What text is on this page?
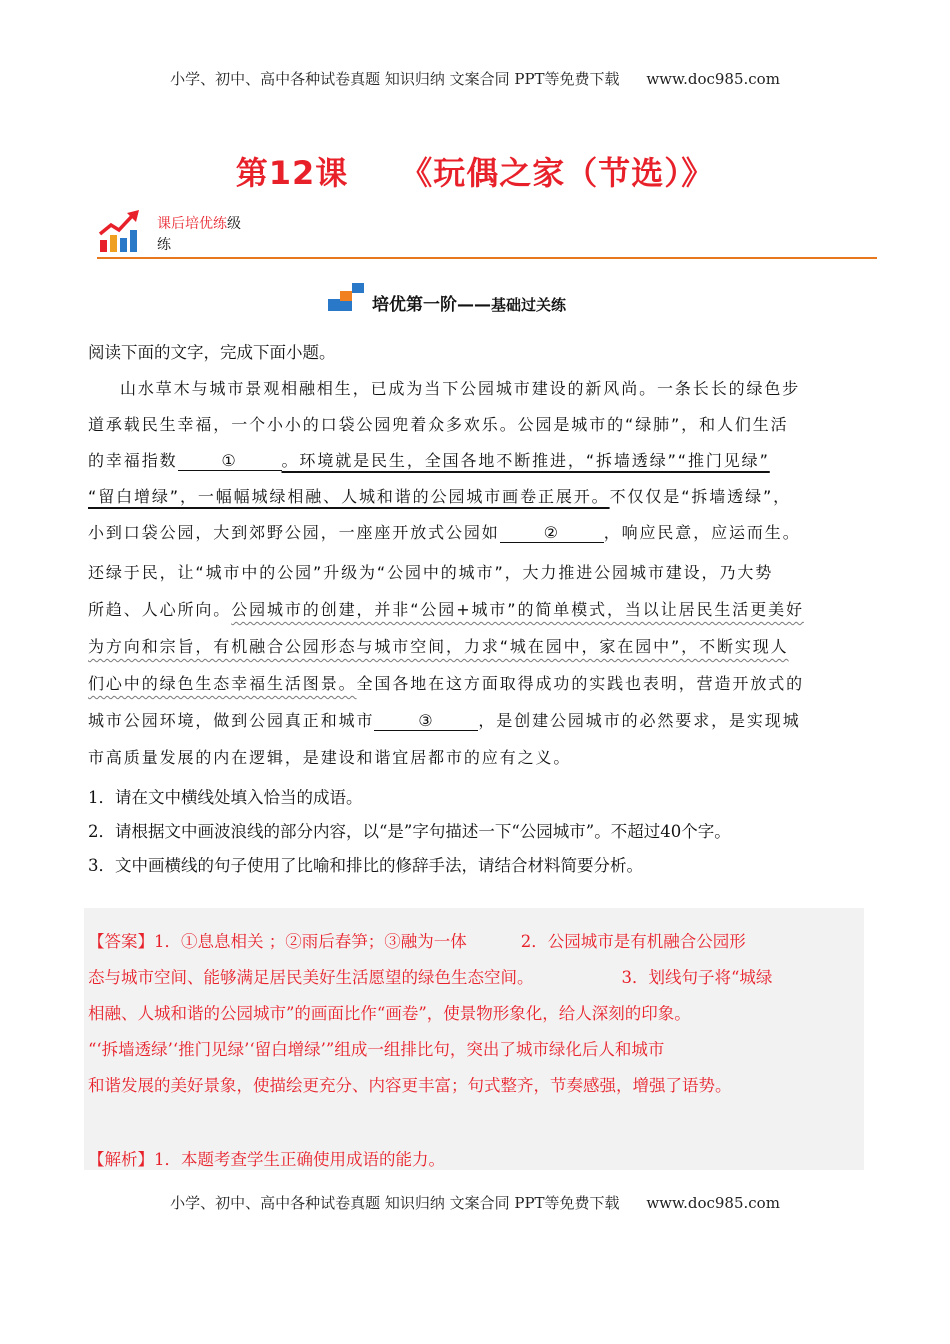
小学、初中、高中各种试卷真题 知识归纳 文案合同 PPT等免费下载 www.doc985.com
第12课 《玩偶之家（节选）》
课后培优练级
练
培优第一阶——基础过关练
阅读下面的文字，完成下面小题。
山水草木与城市景观相融相生，已成为当下公园城市建设的新风尚。一条长长的绿色步
道承载民生幸福，一个小小的口袋公园兜着众多欢乐。公园是城市的“绿肺”，和人们生活
的幸福指数	①	。环境就是民生，全国各地不断推进，“拆墙透绿”“推门见绿”
“留白增绿”，一幅幅城绿相融、人城和谐的公园城市画卷正展开。不仅仅是“拆墙透绿”，
小到口袋公园，大到郊野公园，一座座开放式公园如	②	，响应民意，应运而生。
还绿于民，让“城市中的公园”升级为“公园中的城市”，大力推进公园城市建设，乃大势
所趋、人心所向。公园城市的创建，并非“公园+城市”的简单模式，当以让居民生活更美好
为方向和宗旨，有机融合公园形态与城市空间，力求“城在园中，家在园中”，不断实现人
们心中的绿色生态幸福生活图景。全国各地在这方面取得成功的实践也表明，营造开放式的
城市公园环境，做到公园真正和城市	③	，是创建公园城市的必然要求，是实现城
市高质量发展的内在逻辑，是建设和谐宜居都市的应有之义。
1．请在文中横线处填入恰当的成语。
2．请根据文中画波浪线的部分内容，以“是”字句描述一下“公园城市”。不超过40个字。
3．文中画横线的句子使用了比喻和排比的修辞手法，请结合材料简要分析。
【答案】1．①息息相关 ；②雨后春笋；③融为一体	2．公园城市是有机融合公园形
态与城市空间、能够满足居民美好生活愿望的绿色生态空间。	3．划线句子将“城绿
相融、人城和谐的公园城市”的画面比作“画卷”，使景物形象化，给人深刻的印象。
“‘拆墙透绿’‘推门见绿’‘留白增绿’”组成一组排比句，突出了城市绿化后人和城市
和谐发展的美好景象，使描绘更充分、内容更丰富；句式整齐，节奏感强，增强了语势。
【解析】1．本题考查学生正确使用成语的能力。
小学、初中、高中各种试卷真题 知识归纳 文案合同 PPT等免费下载 www.doc985.com
